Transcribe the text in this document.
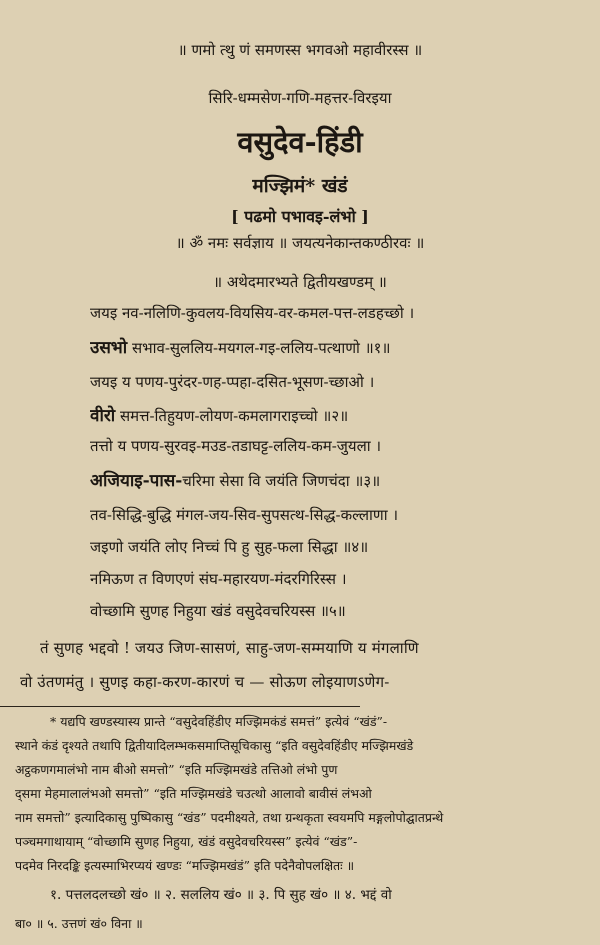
॥ णमो त्थु णं समणस्स भगवओ महावीरस्स ॥
सिरि-धम्मसेण-गणि-महत्तर-विरइया
वसुदेव-हिंडी
मज्झिमं* खंडं
[ पढमो पभावइ-लंभो ]
॥ ॐ नमः सर्वज्ञाय ॥ जयत्यनेकान्तकण्ठीरवः ॥
॥ अथेदमारभ्यते द्वितीयखण्डम् ॥
जयइ नव-नलिणि-कुवलय-वियसिय-वर-कमल-पत्त-लडहच्छो ।
उसभो सभाव-सुललिय-मयगल-गइ-ललिय-पत्थाणो ॥१॥
जयइ य पणय-पुरंदर-णह-प्पहा-दसित-भूसण-च्छाओ ।
वीरो समत्त-तिहुयण-लोयण-कमलागराइच्चो ॥२॥
तत्तो य पणय-सुरवइ-मउड-तडाघट्ट-ललिय-कम-जुयला ।
अजियाइ-पास-चरिमा सेसा वि जयंति जिणचंदा ॥३॥
तव-सिद्धि-बुद्धि मंगल-जय-सिव-सुपसत्थ-सिद्ध-कल्लाणा ।
जइणो जयंति लोए निच्चं पि हु सुह-फला सिद्धा ॥४॥
नमिऊण त विणएणं संघ-महारयण-मंदरगिरिस्स ।
वोच्छामि सुणह निहुया खंडं वसुदेवचरियस्स ॥५॥
तं सुणह भद्दवो ! जयउ जिण-सासणं, साहु-जण-सम्मयाणि य मंगलाणि
वो उंतणमंतु । सुणइ कहा-करण-कारणं च — सोऊण लोइयाणऽणेग-
* यद्यपि खण्डस्यास्य प्रान्ते “वसुदेवहिंडीए मज्झिमकंडं समत्तं” इत्येवं “खंडं”-
स्थाने कंडं दृश्यते तथापि द्वितीयादिलम्भकसमाप्तिसूचिकासु “इति वसुदेवहिंडीए मज्झिमखंडे
अट्ठकणगमालंभो नाम बीओ समत्तो” “इति मज्झिमखंडे तत्तिओ लंभो पुण
द्समा मेहमालालंभओ समत्तो” “इति मज्झिमखंडे चउत्थो आलावो बावीसं लंभओ
नाम समत्तो” इत्यादिकासु पुष्पिकासु “खंड” पदमीक्ष्यते, तथा ग्रन्थकृता स्वयमपि मङ्गलोपोद्घातप्रन्थे
पञ्चमगाथायाम् “वोच्छामि सुणह निहुया, खंडं वसुदेवचरियस्स” इत्येवं “खंड”-
पदमेव निरदङ्कि इत्यस्माभिरप्ययं खण्डः “मज्झिमखंडं” इति पदेनैवोपलक्षितः ॥
१. पत्तलदलच्छो खं० ॥ २. सललिय खं० ॥ ३. पि सुह खं० ॥ ४. भद्दं वो
बा० ॥ ५. उत्तणं खं० विना ॥
